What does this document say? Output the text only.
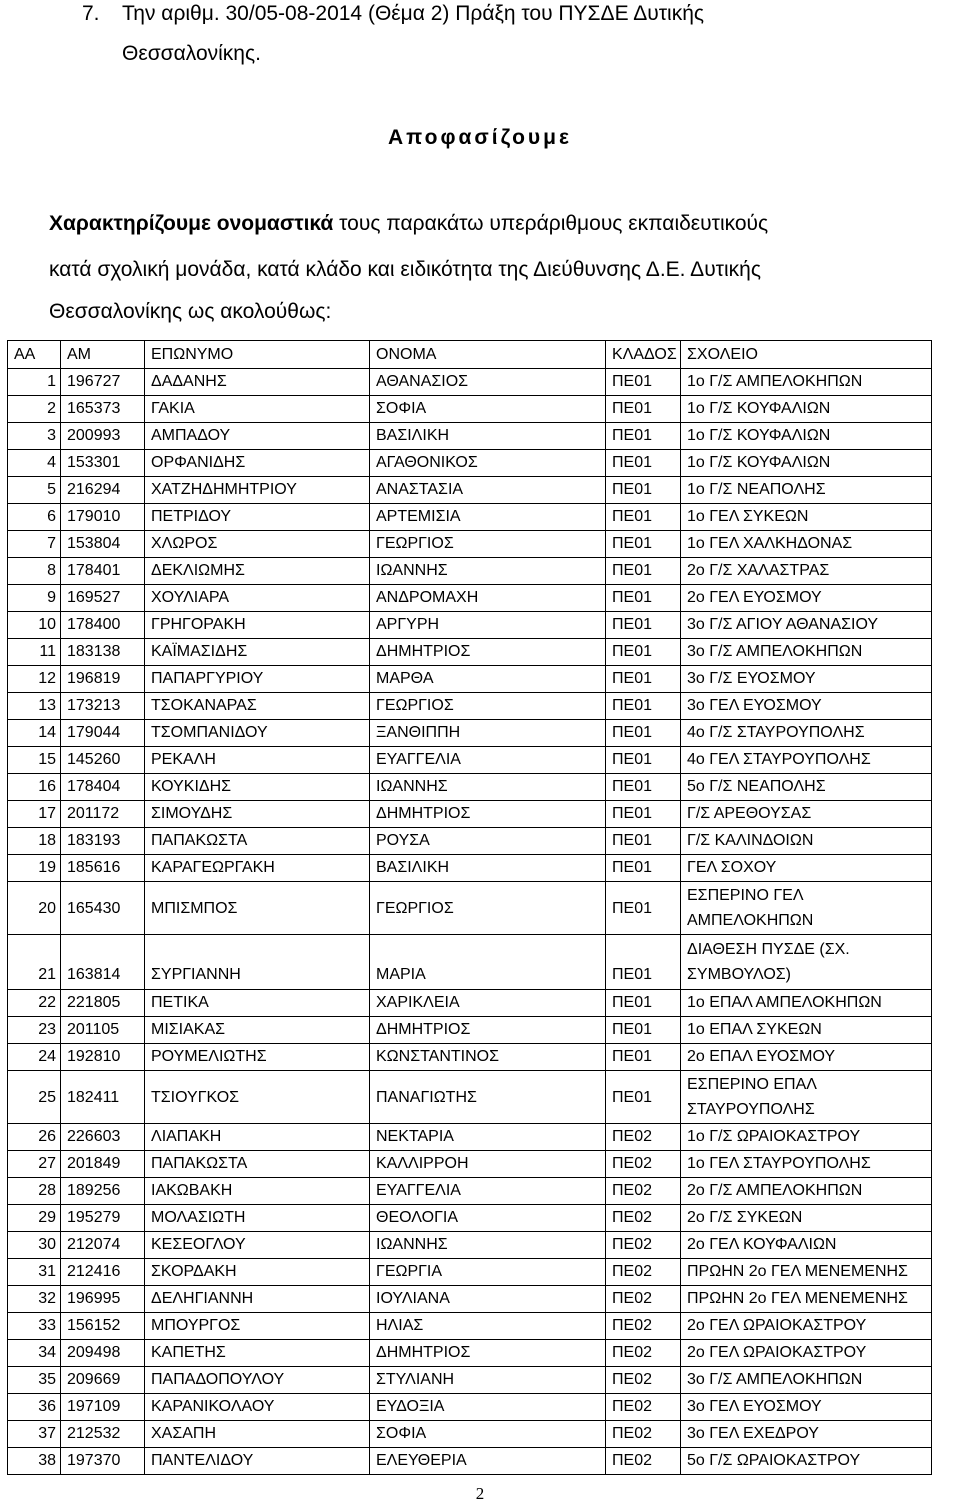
7. Την αριθμ. 30/05-08-2014 (Θέμα 2) Πράξη του ΠΥΣΔΕ Δυτικής
Θεσσαλονίκης.
Αποφασίζουμε
Χαρακτηρίζουμε ονομαστικά τους παρακάτω υπεράριθμους εκπαιδευτικούς
κατά σχολική μονάδα, κατά κλάδο και ειδικότητα της Διεύθυνσης Δ.Ε. Δυτικής
Θεσσαλονίκης ως ακολούθως:
ΑΑ	ΑΜ	ΕΠΩΝΥΜΟ	ΟΝΟΜΑ	ΚΛΑΔΟΣ	ΣΧΟΛΕΙΟ
1	196727	ΔΑΔΑΝΗΣ	ΑΘΑΝΑΣΙΟΣ	ΠΕ01	1ο Γ/Σ ΑΜΠΕΛΟΚΗΠΩΝ
2	165373	ΓΑΚΙΑ	ΣΟΦΙΑ	ΠΕ01	1ο Γ/Σ ΚΟΥΦΑΛΙΩΝ
3	200993	ΑΜΠΑΔΟΥ	ΒΑΣΙΛΙΚΗ	ΠΕ01	1ο Γ/Σ ΚΟΥΦΑΛΙΩΝ
4	153301	ΟΡΦΑΝΙΔΗΣ	ΑΓΑΘΟΝΙΚΟΣ	ΠΕ01	1ο Γ/Σ ΚΟΥΦΑΛΙΩΝ
5	216294	ΧΑΤΖΗΔΗΜΗΤΡΙΟΥ	ΑΝΑΣΤΑΣΙΑ	ΠΕ01	1ο Γ/Σ ΝΕΑΠΟΛΗΣ
6	179010	ΠΕΤΡΙΔΟΥ	ΑΡΤΕΜΙΣΙΑ	ΠΕ01	1ο ΓΕΛ ΣΥΚΕΩΝ
7	153804	ΧΛΩΡΟΣ	ΓΕΩΡΓΙΟΣ	ΠΕ01	1ο ΓΕΛ ΧΑΛΚΗΔΟΝΑΣ
8	178401	ΔΕΚΛΙΩΜΗΣ	ΙΩΑΝΝΗΣ	ΠΕ01	2ο Γ/Σ ΧΑΛΑΣΤΡΑΣ
9	169527	ΧΟΥΛΙΑΡΑ	ΑΝΔΡΟΜΑΧΗ	ΠΕ01	2ο ΓΕΛ ΕΥΟΣΜΟΥ
10	178400	ΓΡΗΓΟΡΑΚΗ	ΑΡΓΥΡΗ	ΠΕ01	3ο Γ/Σ ΑΓΙΟΥ ΑΘΑΝΑΣΙΟΥ
11	183138	ΚΑΪΜΑΣΙΔΗΣ	ΔΗΜΗΤΡΙΟΣ	ΠΕ01	3ο Γ/Σ ΑΜΠΕΛΟΚΗΠΩΝ
12	196819	ΠΑΠΑΡΓΥΡΙΟΥ	ΜΑΡΘΑ	ΠΕ01	3ο Γ/Σ ΕΥΟΣΜΟΥ
13	173213	ΤΣΟΚΑΝΑΡΑΣ	ΓΕΩΡΓΙΟΣ	ΠΕ01	3ο ΓΕΛ ΕΥΟΣΜΟΥ
14	179044	ΤΣΟΜΠΑΝΙΔΟΥ	ΞΑΝΘΙΠΠΗ	ΠΕ01	4ο Γ/Σ ΣΤΑΥΡΟΥΠΟΛΗΣ
15	145260	ΡΕΚΑΛΗ	ΕΥΑΓΓΕΛΙΑ	ΠΕ01	4ο ΓΕΛ ΣΤΑΥΡΟΥΠΟΛΗΣ
16	178404	ΚΟΥΚΙΔΗΣ	ΙΩΑΝΝΗΣ	ΠΕ01	5ο Γ/Σ ΝΕΑΠΟΛΗΣ
17	201172	ΣΙΜΟΥΔΗΣ	ΔΗΜΗΤΡΙΟΣ	ΠΕ01	Γ/Σ ΑΡΕΘΟΥΣΑΣ
18	183193	ΠΑΠΑΚΩΣΤΑ	ΡΟΥΣΑ	ΠΕ01	Γ/Σ ΚΑΛΙΝΔΟΙΩΝ
19	185616	ΚΑΡΑΓΕΩΡΓΑΚΗ	ΒΑΣΙΛΙΚΗ	ΠΕ01	ΓΕΛ ΣΟΧΟΥ
20	165430	ΜΠΙΣΜΠΟΣ	ΓΕΩΡΓΙΟΣ	ΠΕ01	ΕΣΠΕΡΙΝΟ ΓΕΛ ΑΜΠΕΛΟΚΗΠΩΝ
21	163814	ΣΥΡΓΙΑΝΝΗ	ΜΑΡΙΑ	ΠΕ01	ΔΙΑΘΕΣΗ ΠΥΣΔΕ (ΣΧ. ΣΥΜΒΟΥΛΟΣ)
22	221805	ΠΕΤΙΚΑ	ΧΑΡΙΚΛΕΙΑ	ΠΕ01	1ο ΕΠΑΛ ΑΜΠΕΛΟΚΗΠΩΝ
23	201105	ΜΙΣΙΑΚΑΣ	ΔΗΜΗΤΡΙΟΣ	ΠΕ01	1ο ΕΠΑΛ ΣΥΚΕΩΝ
24	192810	ΡΟΥΜΕΛΙΩΤΗΣ	ΚΩΝΣΤΑΝΤΙΝΟΣ	ΠΕ01	2ο ΕΠΑΛ ΕΥΟΣΜΟΥ
25	182411	ΤΣΙΟΥΓΚΟΣ	ΠΑΝΑΓΙΩΤΗΣ	ΠΕ01	ΕΣΠΕΡΙΝΟ ΕΠΑΛ ΣΤΑΥΡΟΥΠΟΛΗΣ
26	226603	ΛΙΑΠΑΚΗ	ΝΕΚΤΑΡΙΑ	ΠΕ02	1ο Γ/Σ ΩΡΑΙΟΚΑΣΤΡΟΥ
27	201849	ΠΑΠΑΚΩΣΤΑ	ΚΑΛΛΙΡΡΟΗ	ΠΕ02	1ο ΓΕΛ ΣΤΑΥΡΟΥΠΟΛΗΣ
28	189256	ΙΑΚΩΒΑΚΗ	ΕΥΑΓΓΕΛΙΑ	ΠΕ02	2ο Γ/Σ ΑΜΠΕΛΟΚΗΠΩΝ
29	195279	ΜΟΛΑΣΙΩΤΗ	ΘΕΟΛΟΓΙΑ	ΠΕ02	2ο Γ/Σ ΣΥΚΕΩΝ
30	212074	ΚΕΣΕΟΓΛΟΥ	ΙΩΑΝΝΗΣ	ΠΕ02	2ο ΓΕΛ ΚΟΥΦΑΛΙΩΝ
31	212416	ΣΚΟΡΔΑΚΗ	ΓΕΩΡΓΙΑ	ΠΕ02	ΠΡΩΗΝ 2ο ΓΕΛ ΜΕΝΕΜΕΝΗΣ
32	196995	ΔΕΛΗΓΙΑΝΝΗ	ΙΟΥΛΙΑΝΑ	ΠΕ02	ΠΡΩΗΝ 2ο ΓΕΛ ΜΕΝΕΜΕΝΗΣ
33	156152	ΜΠΟΥΡΓΟΣ	ΗΛΙΑΣ	ΠΕ02	2ο ΓΕΛ ΩΡΑΙΟΚΑΣΤΡΟΥ
34	209498	ΚΑΠΕΤΗΣ	ΔΗΜΗΤΡΙΟΣ	ΠΕ02	2ο ΓΕΛ ΩΡΑΙΟΚΑΣΤΡΟΥ
35	209669	ΠΑΠΑΔΟΠΟΥΛΟΥ	ΣΤΥΛΙΑΝΗ	ΠΕ02	3ο Γ/Σ ΑΜΠΕΛΟΚΗΠΩΝ
36	197109	ΚΑΡΑΝΙΚΟΛΑΟΥ	ΕΥΔΟΞΙΑ	ΠΕ02	3ο ΓΕΛ ΕΥΟΣΜΟΥ
37	212532	ΧΑΣΑΠΗ	ΣΟΦΙΑ	ΠΕ02	3ο ΓΕΛ ΕΧΕΔΡΟΥ
38	197370	ΠΑΝΤΕΛΙΔΟΥ	ΕΛΕΥΘΕΡΙΑ	ΠΕ02	5ο Γ/Σ ΩΡΑΙΟΚΑΣΤΡΟΥ
2
